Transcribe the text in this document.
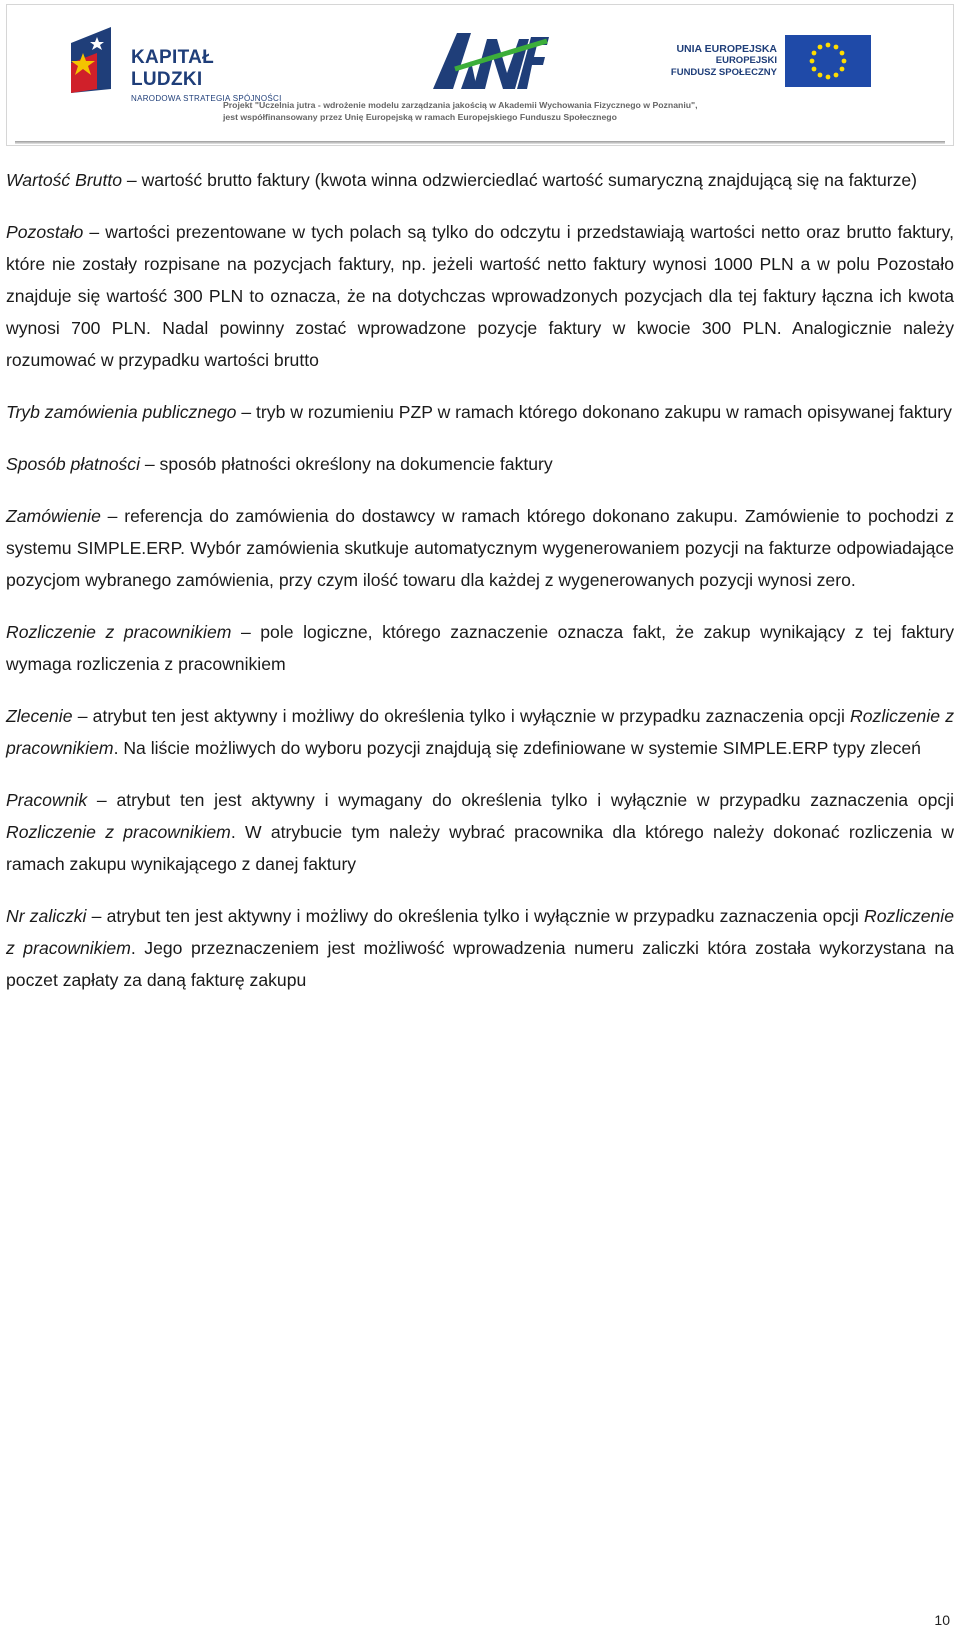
KAPITAŁ LUDZKI
NARODOWA STRATEGIA SPÓJNOŚCI
UNIA EUROPEJSKA
EUROPEJSKI
FUNDUSZ SPOŁECZNY
Projekt "Uczelnia jutra - wdrożenie modelu zarządzania jakością w Akademii Wychowania Fizycznego w Poznaniu",
jest współfinansowany przez Unię Europejską w ramach Europejskiego Funduszu Społecznego

Wartość Brutto – wartość brutto faktury (kwota winna odzwierciedlać wartość sumaryczną znajdującą się na fakturze)

Pozostało – wartości prezentowane w tych polach są tylko do odczytu i przedstawiają wartości netto oraz brutto faktury, które nie zostały rozpisane na pozycjach faktury, np. jeżeli wartość netto faktury wynosi 1000 PLN a w polu Pozostało znajduje się wartość 300 PLN to oznacza, że na dotychczas wprowadzonych pozycjach dla tej faktury łączna ich kwota wynosi 700 PLN. Nadal powinny zostać wprowadzone pozycje faktury w kwocie 300 PLN. Analogicznie należy rozumować w przypadku wartości brutto

Tryb zamówienia publicznego – tryb w rozumieniu PZP w ramach którego dokonano zakupu w ramach opisywanej faktury

Sposób płatności – sposób płatności określony na dokumencie faktury

Zamówienie – referencja do zamówienia do dostawcy w ramach którego dokonano zakupu. Zamówienie to pochodzi z systemu SIMPLE.ERP. Wybór zamówienia skutkuje automatycznym wygenerowaniem pozycji na fakturze odpowiadające pozycjom wybranego zamówienia, przy czym ilość towaru dla każdej z wygenerowanych pozycji wynosi zero.

Rozliczenie z pracownikiem – pole logiczne, którego zaznaczenie oznacza fakt, że zakup wynikający z tej faktury wymaga rozliczenia z pracownikiem

Zlecenie – atrybut ten jest aktywny i możliwy do określenia tylko i wyłącznie w przypadku zaznaczenia opcji Rozliczenie z pracownikiem. Na liście możliwych do wyboru pozycji znajdują się zdefiniowane w systemie SIMPLE.ERP typy zleceń

Pracownik – atrybut ten jest aktywny i wymagany do określenia tylko i wyłącznie w przypadku zaznaczenia opcji Rozliczenie z pracownikiem. W atrybucie tym należy wybrać pracownika dla którego należy dokonać rozliczenia w ramach zakupu wynikającego z danej faktury

Nr zaliczki – atrybut ten jest aktywny i możliwy do określenia tylko i wyłącznie w przypadku zaznaczenia opcji Rozliczenie z pracownikiem. Jego przeznaczeniem jest możliwość wprowadzenia numeru zaliczki która została wykorzystana na poczet zapłaty za daną fakturę zakupu

10
